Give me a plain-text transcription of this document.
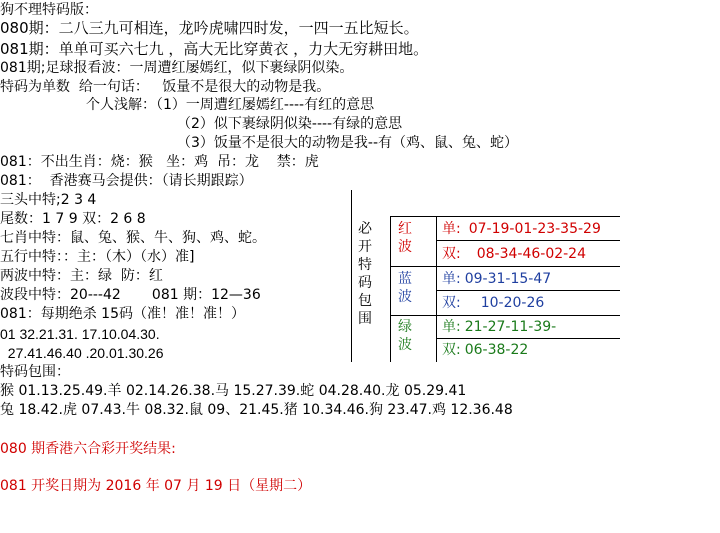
狗不理特码版：
080期：二八三九可相连，龙吟虎啸四时发，一四一五比短长。
081期：单单可买六七九 ，高大无比穿黄衣 ，力大无穷耕田地。
081期;足球报看波：一周遭红屡嫣红，似下裹绿阴似染。
特码为单数  给一句话：   饭量不是很大的动物是我。
个人浅解：（1）一周遭红屡嫣红----有红的意思
（2）似下裹绿阴似染----有绿的意思
（3）饭量不是很大的动物是我--有（鸡、鼠、兔、蛇）
081：不出生肖：烧：猴   坐：鸡  吊：龙    禁：虎
081：  香港赛马会提供：（请长期跟踪）
三头中特;2 3 4
尾数：1 7 9 双：2 6 8
七肖中特：鼠、兔、猴、牛、狗、鸡、蛇。
五行中特：：主：（木）（水）准]
两波中特：主：绿  防：红
波段中特：20---42       081 期：12—36
081：每期绝杀 15码（准！准！准！）
01 32.21.31. 17.10.04.30.
27.41.46.40 .20.01.30.26
特码包围：
猴 01.13.25.49.羊 02.14.26.38.马 15.27.39.蛇 04.28.40.龙 05.29.41
兔 18.42.虎 07.43.牛 08.32.鼠 09、21.45.猪 10.34.46.狗 23.47.鸡 12.36.48
080 期香港六合彩开奖结果:
081 开奖日期为 2016 年 07 月 19 日（星期二）
必
开
特
码
包
围
红
波
单: 07-19-01-23-35-29
双: 08-34-46-02-24
蓝
波
单: 09-31-15-47
双: 10-20-26
绿
波
单: 21-27-11-39-
双: 06-38-22
